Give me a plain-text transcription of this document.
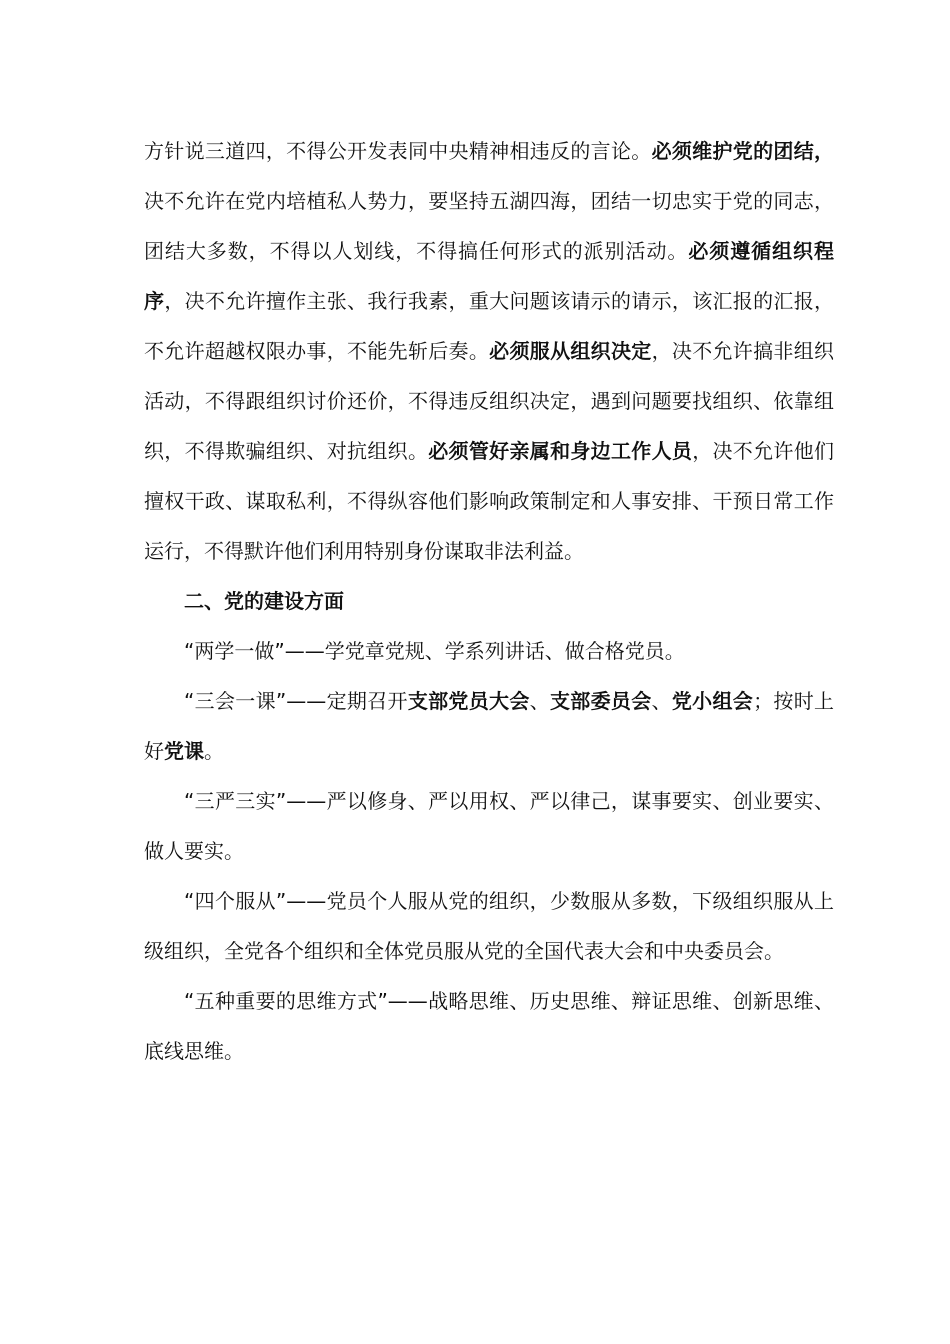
方针说三道四，不得公开发表同中央精神相违反的言论。必须维护党的团结，决不允许在党内培植私人势力，要坚持五湖四海，团结一切忠实于党的同志，团结大多数，不得以人划线，不得搞任何形式的派别活动。必须遵循组织程序，决不允许擅作主张、我行我素，重大问题该请示的请示，该汇报的汇报，不允许超越权限办事，不能先斩后奏。必须服从组织决定，决不允许搞非组织活动，不得跟组织讨价还价，不得违反组织决定，遇到问题要找组织、依靠组织，不得欺骗组织、对抗组织。必须管好亲属和身边工作人员，决不允许他们擅权干政、谋取私利，不得纵容他们影响政策制定和人事安排、干预日常工作运行，不得默许他们利用特别身份谋取非法利益。

二、党的建设方面

“两学一做”——学党章党规、学系列讲话、做合格党员。

“三会一课”——定期召开支部党员大会、支部委员会、党小组会；按时上好党课。

“三严三实”——严以修身、严以用权、严以律己，谋事要实、创业要实、做人要实。

“四个服从”——党员个人服从党的组织，少数服从多数，下级组织服从上级组织，全党各个组织和全体党员服从党的全国代表大会和中央委员会。

“五种重要的思维方式”——战略思维、历史思维、辩证思维、创新思维、底线思维。
